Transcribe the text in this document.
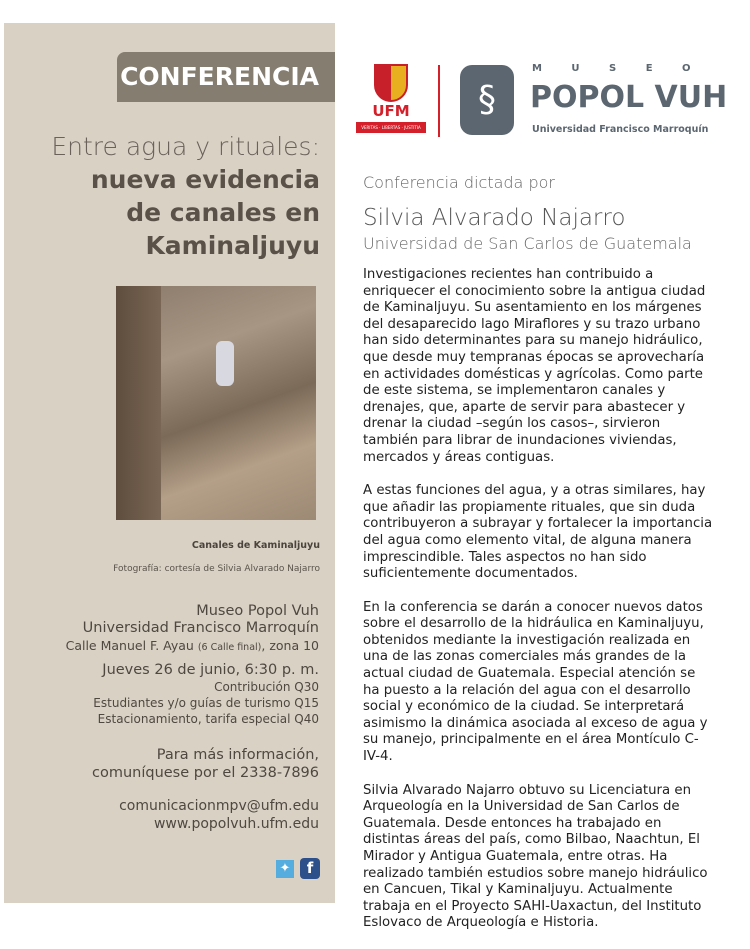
CONFERENCIA
Entre agua y rituales:
nueva evidencia
de canales en
Kaminaljuyu
Canales de Kaminaljuyu
Fotografía: cortesía de Silvia Alvarado Najarro
Museo Popol Vuh
Universidad Francisco Marroquín
Calle Manuel F. Ayau (6 Calle final), zona 10
Jueves 26 de junio, 6:30 p. m.
Contribución Q30
Estudiantes y/o guías de turismo Q15
Estacionamiento, tarifa especial Q40
Para más información,
comuníquese por el 2338-7896
comunicacionmpv@ufm.edu
www.popolvuh.ufm.edu
✦	f
UFM
VERITAS · LIBERTAS · JUSTITIA
§
M U S E O
POPOL VUH
Universidad Francisco Marroquín
Conferencia dictada por
Silvia Alvarado Najarro
Universidad de San Carlos de Guatemala

Investigaciones recientes han contribuido a enriquecer el conocimiento sobre la antigua ciudad de Kaminaljuyu. Su asentamiento en los márgenes del desaparecido lago Miraflores y su trazo urbano han sido determinantes para su manejo hidráulico, que desde muy tempranas épocas se aprovecharía en actividades domésticas y agrícolas. Como parte de este sistema, se implementaron canales y drenajes, que, aparte de servir para abastecer y drenar la ciudad –según los casos–, sirvieron también para librar de inundaciones viviendas, mercados y áreas contiguas.

A estas funciones del agua, y a otras similares, hay que añadir las propiamente rituales, que sin duda contribuyeron a subrayar y fortalecer la importancia del agua como elemento vital, de alguna manera imprescindible. Tales aspectos no han sido suficientemente documentados.

En la conferencia se darán a conocer nuevos datos sobre el desarrollo de la hidráulica en Kaminaljuyu, obtenidos mediante la investigación realizada en una de las zonas comerciales más grandes de la actual ciudad de Guatemala. Especial atención se ha puesto a la relación del agua con el desarrollo social y económico de la ciudad. Se interpretará asimismo la dinámica asociada al exceso de agua y su manejo, principalmente en el área Montículo C-IV-4.

Silvia Alvarado Najarro obtuvo su Licenciatura en Arqueología en la Universidad de San Carlos de Guatemala. Desde entonces ha trabajado en distintas áreas del país, como Bilbao, Naachtun, El Mirador y Antigua Guatemala, entre otras. Ha realizado también estudios sobre manejo hidráulico en Cancuen, Tikal y Kaminaljuyu. Actualmente trabaja en el Proyecto SAHI-Uaxactun, del Instituto Eslovaco de Arqueología e Historia.
